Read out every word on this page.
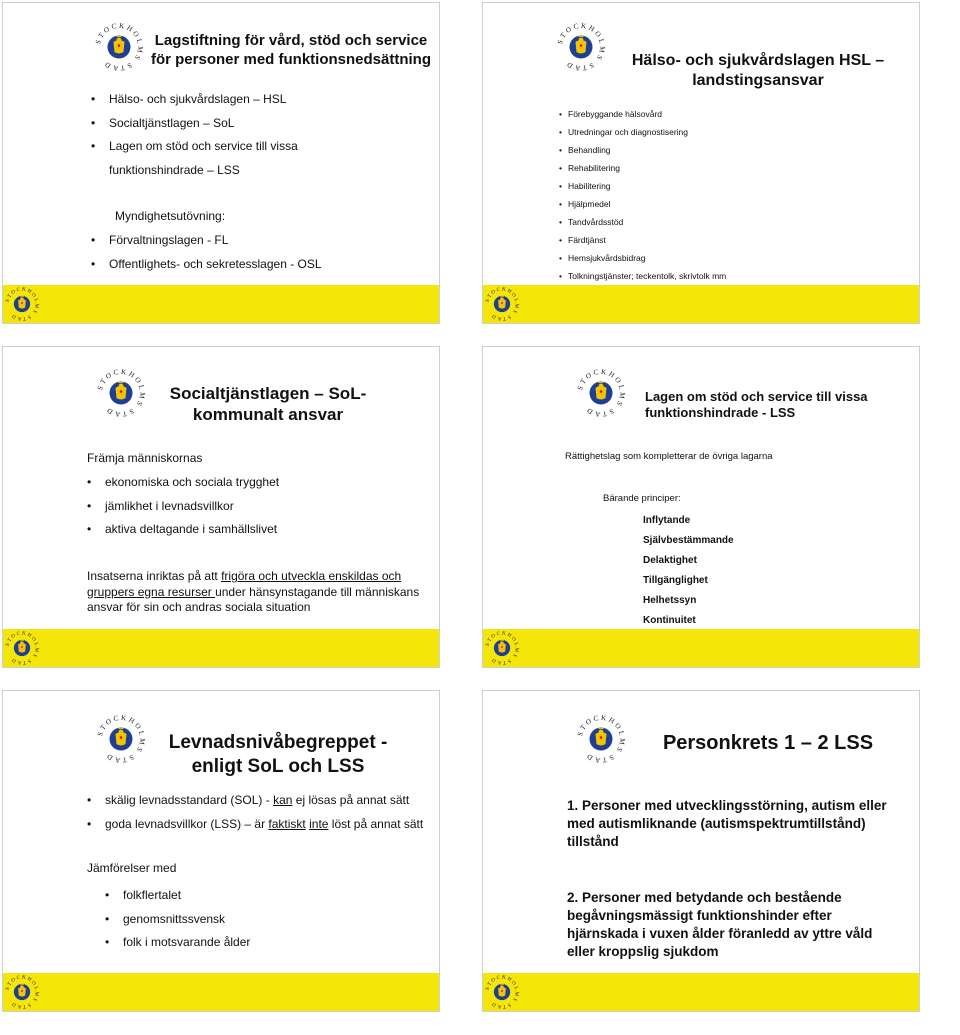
Lagstiftning för vård, stöd och service för personer med funktionsnedsättning
• Hälso- och sjukvårdslagen – HSL
• Socialtjänstlagen – SoL
• Lagen om stöd och service till vissa
funktionshindrade – LSS
Myndighetsutövning:
• Förvaltningslagen - FL
• Offentlighets- och sekretesslagen - OSL
Hälso- och sjukvårdslagen HSL – landstingsansvar
• Förebyggande hälsovård
• Utredningar och diagnostisering
• Behandling
• Rehabilitering
• Habilitering
• Hjälpmedel
• Tandvårdsstöd
• Färdtjänst
• Hemsjukvårdsbidrag
• Tolkningstjänster; teckentolk, skrivtolk mm
Socialtjänstlagen – SoL- kommunalt ansvar
Främja människornas
• ekonomiska och sociala trygghet
• jämlikhet i levnadsvillkor
• aktiva deltagande i samhällslivet
Insatserna inriktas på att frigöra och utveckla enskildas och gruppers egna resurser under hänsynstagande till människans ansvar för sin och andras sociala situation
Lagen om stöd och service till vissa funktionshindrade - LSS
Rättighetslag som kompletterar de övriga lagarna
Bärande principer:
Inflytande
Självbestämmande
Delaktighet
Tillgänglighet
Helhetssyn
Kontinuitet
Levnadsnivåbegreppet - enligt SoL och LSS
• skälig levnadsstandard (SOL) - kan ej lösas på annat sätt
• goda levnadsvillkor (LSS) – är faktiskt inte löst på annat sätt
Jämförelser med
• folkflertalet
• genomsnittssvensk
• folk i motsvarande ålder
Personkrets 1 – 2 LSS
1. Personer med utvecklingsstörning, autism eller med autismliknande (autismspektrumtillstånd) tillstånd
2. Personer med betydande och bestående begåvningsmässigt funktionshinder efter hjärnskada i vuxen ålder föranledd av yttre våld eller kroppslig sjukdom
